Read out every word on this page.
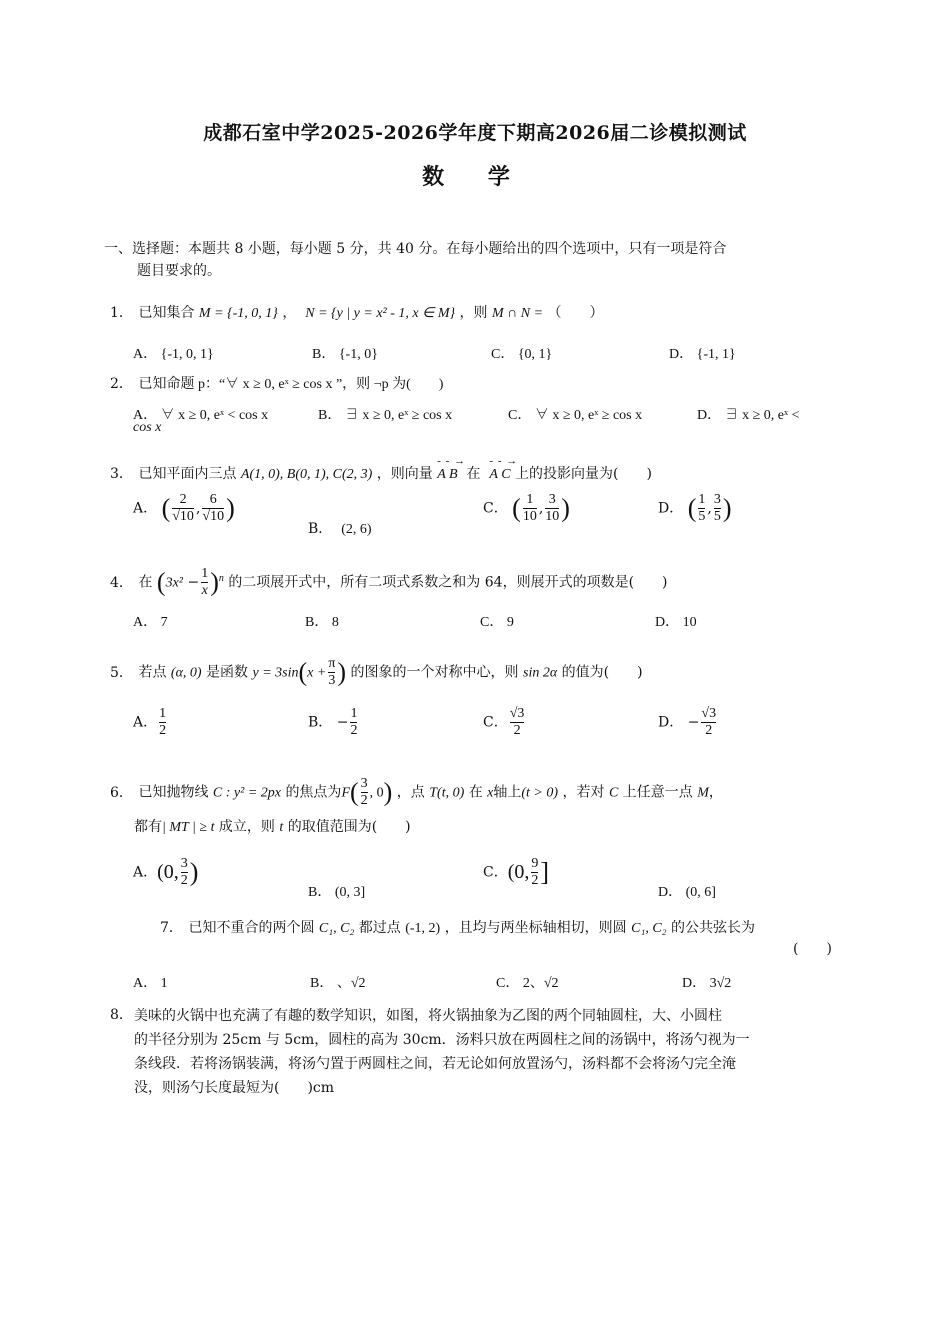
成都石室中学2025-2026学年度下期高2026届二诊模拟测试
数 学
一、选择题：本题共 8 小题，每小题 5 分，共 40 分。在每小题给出的四个选项中，只有一项是符合
题目要求的。
1． 已知集合 M = {-1, 0, 1} ， N = {y | y = x² - 1, x ∈ M} ，则 M ∩ N = （　　）
A． {-1, 0, 1}	B． {-1, 0}	C． {0, 1}	D． {-1, 1}
2． 已知命题 p：“∀ x ≥ 0, eˣ ≥ cos x ”，则 ¬p 为(　　)
A． ∀ x ≥ 0, eˣ < cos x	B． ∃ x ≥ 0, eˣ ≥ cos x	C． ∀ x ≥ 0, eˣ ≥ cos x	D． ∃ x ≥ 0, eˣ <
cos x
3． 已知平面内三点 A(1, 0), B(0, 1), C(2, 3) ，则向量 - - → A B 在 - - → A C 上的投影向量为(　　)
A． ( $\frac{2}{√10}$ , $\frac{6}{√10}$ )
B． (2, 6)
C． ( $\frac{1}{10}$ , $\frac{3}{10}$ )	D． ( $\frac{1}{5}$ , $\frac{3}{5}$ )
4． 在 $(3x^2 - \frac{1}{x} )^n$ 的二项展开式中，所有二项式系数之和为 64，则展开式的项数是(　　)
A． 7	B． 8	C． 9	D． 10
5． 若点 (α, 0) 是函数 $y = 3\sin(x + \frac{\pi}{3}$ ) 的图象的一个对称中心，则 sin 2α 的值为(　　)
A． $\frac{1}{2}$	B． − $\frac{1}{2}$	C． $\frac{√3}{2}$	D． − $\frac{√3}{2}$
6． 已知抛物线 C : y² = 2px 的焦点为$F( \frac{3}{2}$ , 0) ，点 T(t, 0) 在 x轴上(t > 0) ，若对 C 上任意一点 M，
都有| MT | ≥ t 成立，则 t 的取值范围为(　　)
A．(0, $\frac{3}{2}$ )
B． (0, 3]
C．(0, $\frac{9}{2}$ ]
D． (0, 6]
7． 已知不重合的两个圆 C₁, C₂ 都过点 (-1, 2) ，且均与两坐标轴相切，则圆 C₁, C₂ 的公共弦长为
(　　)
A． 1	B． 、√2	C． 2、√2	D． 3√2
8． 美味的火锅中也充满了有趣的数学知识，如图，将火锅抽象为乙图的两个同轴圆柱，大、小圆柱
的半径分别为 25cm 与 5cm，圆柱的高为 30cm．汤料只放在两圆柱之间的汤锅中，将汤勺视为一
条线段．若将汤锅装满，将汤勺置于两圆柱之间，若无论如何放置汤勺，汤料都不会将汤勺完全淹
没，则汤勺长度最短为(　　)cm
